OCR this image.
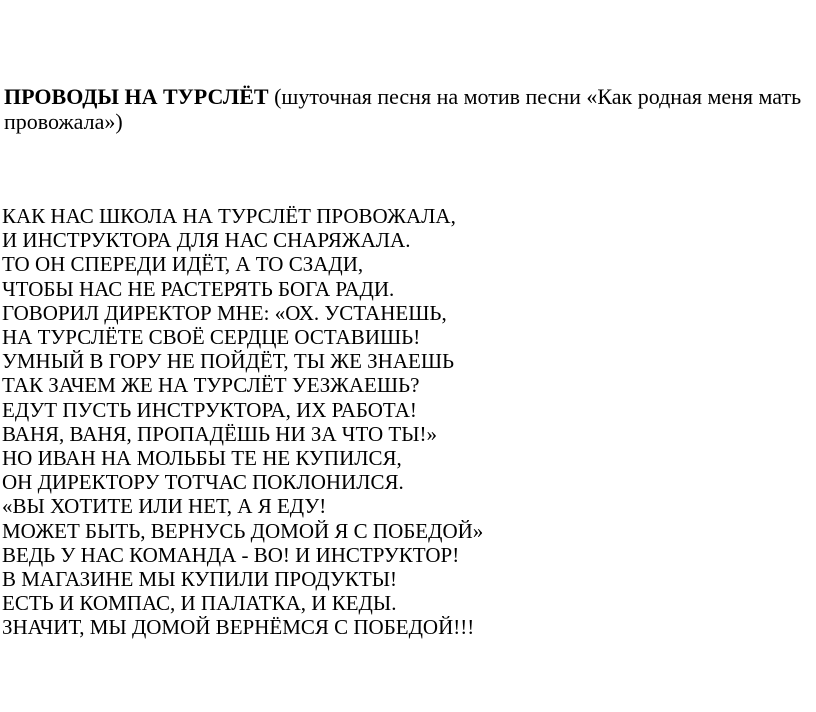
ПРОВОДЫ НА ТУРСЛЁТ (шуточная песня на мотив песни «Как родная меня мать провожала»)

КАК НАС ШКОЛА НА ТУРСЛЁТ ПРОВОЖАЛА,
И ИНСТРУКТОРА ДЛЯ НАС СНАРЯЖАЛА.
ТО ОН СПЕРЕДИ ИДЁТ, А ТО СЗАДИ,
ЧТОБЫ НАС НЕ РАСТЕРЯТЬ БОГА РАДИ.
ГОВОРИЛ ДИРЕКТОР МНЕ: «ОХ. УСТАНЕШЬ,
НА ТУРСЛЁТЕ СВОЁ СЕРДЦЕ ОСТАВИШЬ!
УМНЫЙ В ГОРУ НЕ ПОЙДЁТ, ТЫ ЖЕ ЗНАЕШЬ
ТАК ЗАЧЕМ ЖЕ НА ТУРСЛЁТ УЕЗЖАЕШЬ?
ЕДУТ ПУСТЬ ИНСТРУКТОРА, ИХ РАБОТА!
ВАНЯ, ВАНЯ, ПРОПАДЁШЬ НИ ЗА ЧТО ТЫ!»
НО ИВАН НА МОЛЬБЫ ТЕ НЕ КУПИЛСЯ,
ОН ДИРЕКТОРУ ТОТЧАС ПОКЛОНИЛСЯ.
«ВЫ ХОТИТЕ ИЛИ НЕТ, А Я ЕДУ!
МОЖЕТ БЫТЬ, ВЕРНУСЬ ДОМОЙ Я С ПОБЕДОЙ»
ВЕДЬ У НАС КОМАНДА - ВО! И ИНСТРУКТОР!
В МАГАЗИНЕ МЫ КУПИЛИ ПРОДУКТЫ!
ЕСТЬ И КОМПАС, И ПАЛАТКА, И КЕДЫ.
ЗНАЧИТ, МЫ ДОМОЙ ВЕРНЁМСЯ С ПОБЕДОЙ!!!
